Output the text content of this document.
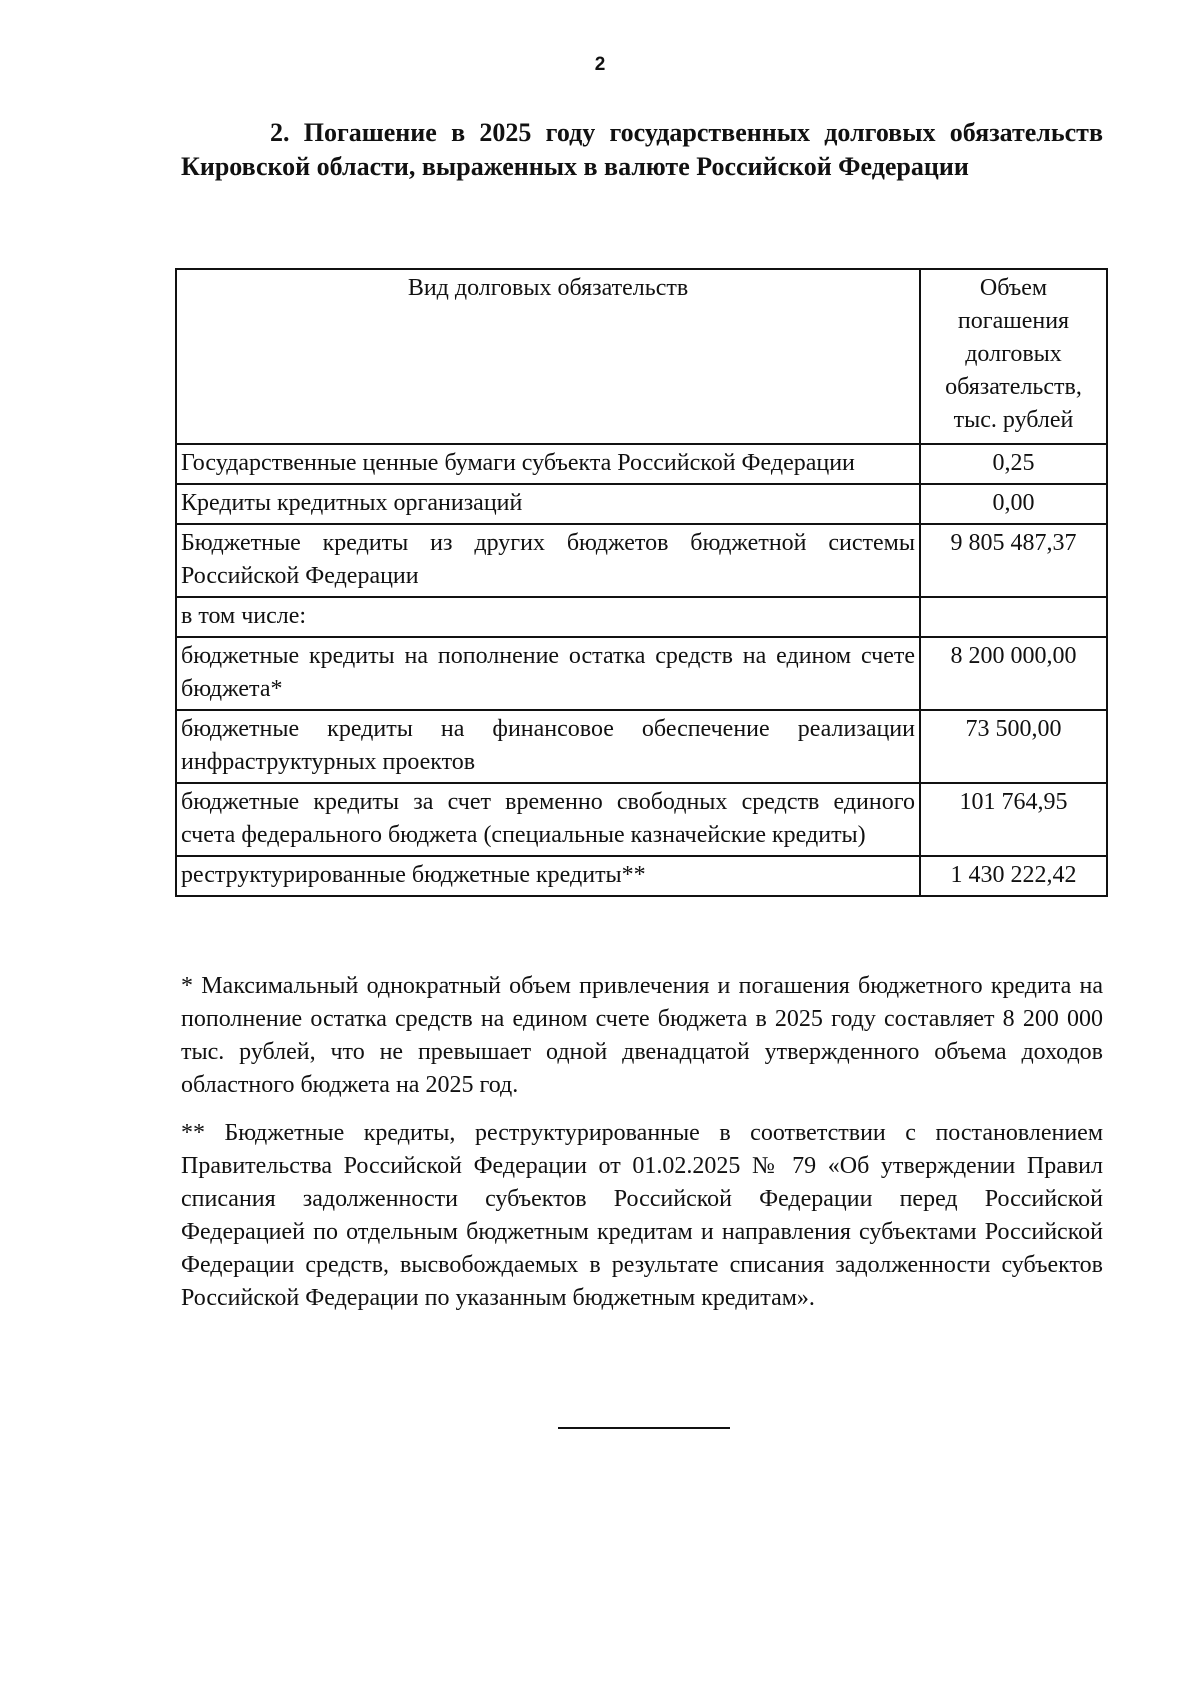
2
2. Погашение в 2025 году государственных долговых обязательств Кировской области, выраженных в валюте Российской Федерации
Вид долговых обязательств	Объем погашения долговых обязательств, тыс. рублей
Государственные ценные бумаги субъекта Российской Федерации	0,25
Кредиты кредитных организаций	0,00
Бюджетные кредиты из других бюджетов бюджетной системы Российской Федерации	9 805 487,37
в том числе:	
бюджетные кредиты на пополнение остатка средств на едином счете бюджета*	8 200 000,00
бюджетные кредиты на финансовое обеспечение реализации инфраструктурных проектов	73 500,00
бюджетные кредиты за счет временно свободных средств единого счета федерального бюджета (специальные казначейские кредиты)	101 764,95
реструктурированные бюджетные кредиты**	1 430 222,42
* Максимальный однократный объем привлечения и погашения бюджетного кредита на пополнение остатка средств на едином счете бюджета в 2025 году составляет 8 200 000 тыс. рублей, что не превышает одной двенадцатой утвержденного объема доходов областного бюджета на 2025 год.
** Бюджетные кредиты, реструктурированные в соответствии с постановлением Правительства Российской Федерации от 01.02.2025 № 79 «Об утверждении Правил списания задолженности субъектов Российской Федерации перед Российской Федерацией по отдельным бюджетным кредитам и направления субъектами Российской Федерации средств, высвобождаемых в результате списания задолженности субъектов Российской Федерации по указанным бюджетным кредитам».
